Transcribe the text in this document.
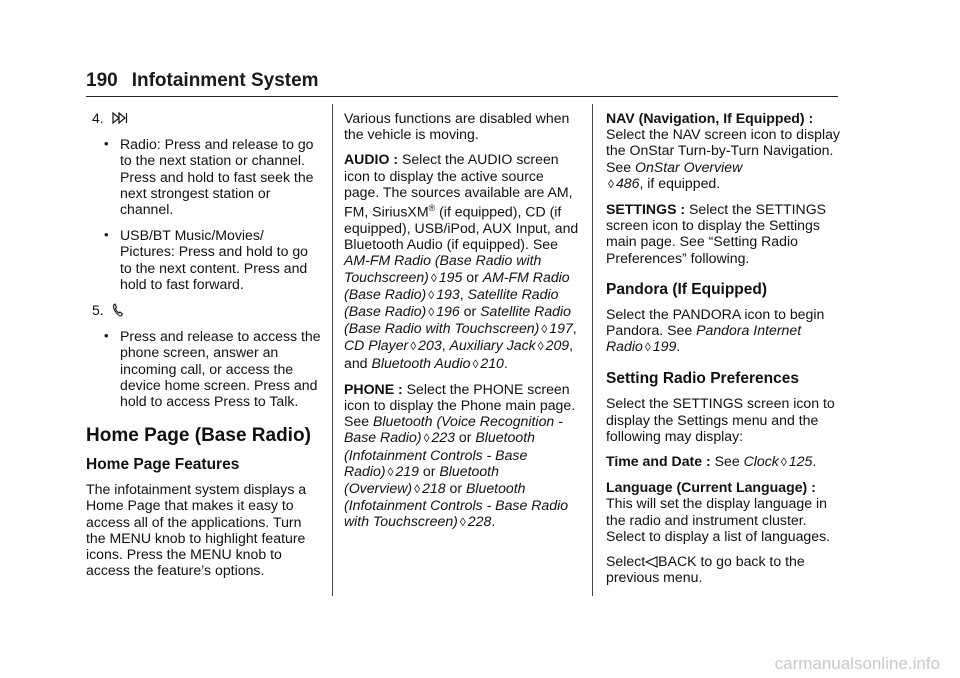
190 Infotainment System
4.
• Radio: Press and release to go to the next station or channel. Press and hold to fast seek the next strongest station or channel.
• USB/BT Music/Movies/ Pictures: Press and hold to go to the next content. Press and hold to fast forward.
5.
• Press and release to access the phone screen, answer an incoming call, or access the device home screen. Press and hold to access Press to Talk.
Home Page (Base Radio)
Home Page Features

The infotainment system displays a Home Page that makes it easy to access all of the applications. Turn the MENU knob to highlight feature icons. Press the MENU knob to access the feature’s options.

Various functions are disabled when the vehicle is moving.

AUDIO : Select the AUDIO screen icon to display the active source page. The sources available are AM, FM, SiriusXM® (if equipped), CD (if equipped), USB/iPod, AUX Input, and Bluetooth Audio (if equipped). See AM-FM Radio (Base Radio with Touchscreen) ◊ 195 or AM-FM Radio (Base Radio) ◊ 193, Satellite Radio (Base Radio) ◊ 196 or Satellite Radio (Base Radio with Touchscreen) ◊ 197, CD Player ◊ 203, Auxiliary Jack ◊ 209, and Bluetooth Audio ◊ 210.

PHONE : Select the PHONE screen icon to display the Phone main page. See Bluetooth (Voice Recognition - Base Radio) ◊ 223 or Bluetooth (Infotainment Controls - Base Radio) ◊ 219 or Bluetooth (Overview) ◊ 218 or Bluetooth (Infotainment Controls - Base Radio with Touchscreen) ◊ 228.

NAV (Navigation, If Equipped) : Select the NAV screen icon to display the OnStar Turn-by-Turn Navigation. See OnStar Overview
◊ 486, if equipped.

SETTINGS : Select the SETTINGS screen icon to display the Settings main page. See “Setting Radio Preferences” following.

Pandora (If Equipped)

Select the PANDORA icon to begin Pandora. See Pandora Internet Radio ◊ 199.

Setting Radio Preferences

Select the SETTINGS screen icon to display the Settings menu and the following may display:

Time and Date : See Clock ◊ 125.

Language (Current Language) : This will set the display language in the radio and instrument cluster. Select to display a list of languages.

Select BACK to go back to the previous menu.

carmanualsonline.info
